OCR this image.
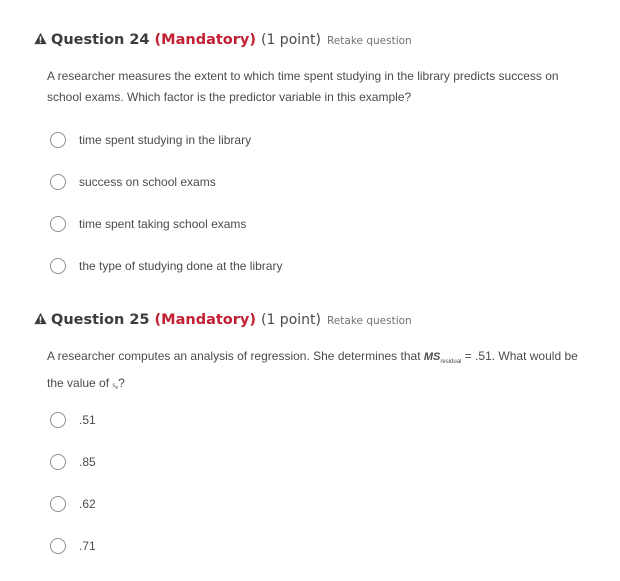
Question 24 (Mandatory) (1 point) Retake question
A researcher measures the extent to which time spent studying in the library predicts success on school exams. Which factor is the predictor variable in this example?
time spent studying in the library
success on school exams
time spent taking school exams
the type of studying done at the library
Question 25 (Mandatory) (1 point) Retake question
A researcher computes an analysis of regression. She determines that $MS_{residual} = .51$. What would be the value of $s_e$?
.51
.85
.62
.71
